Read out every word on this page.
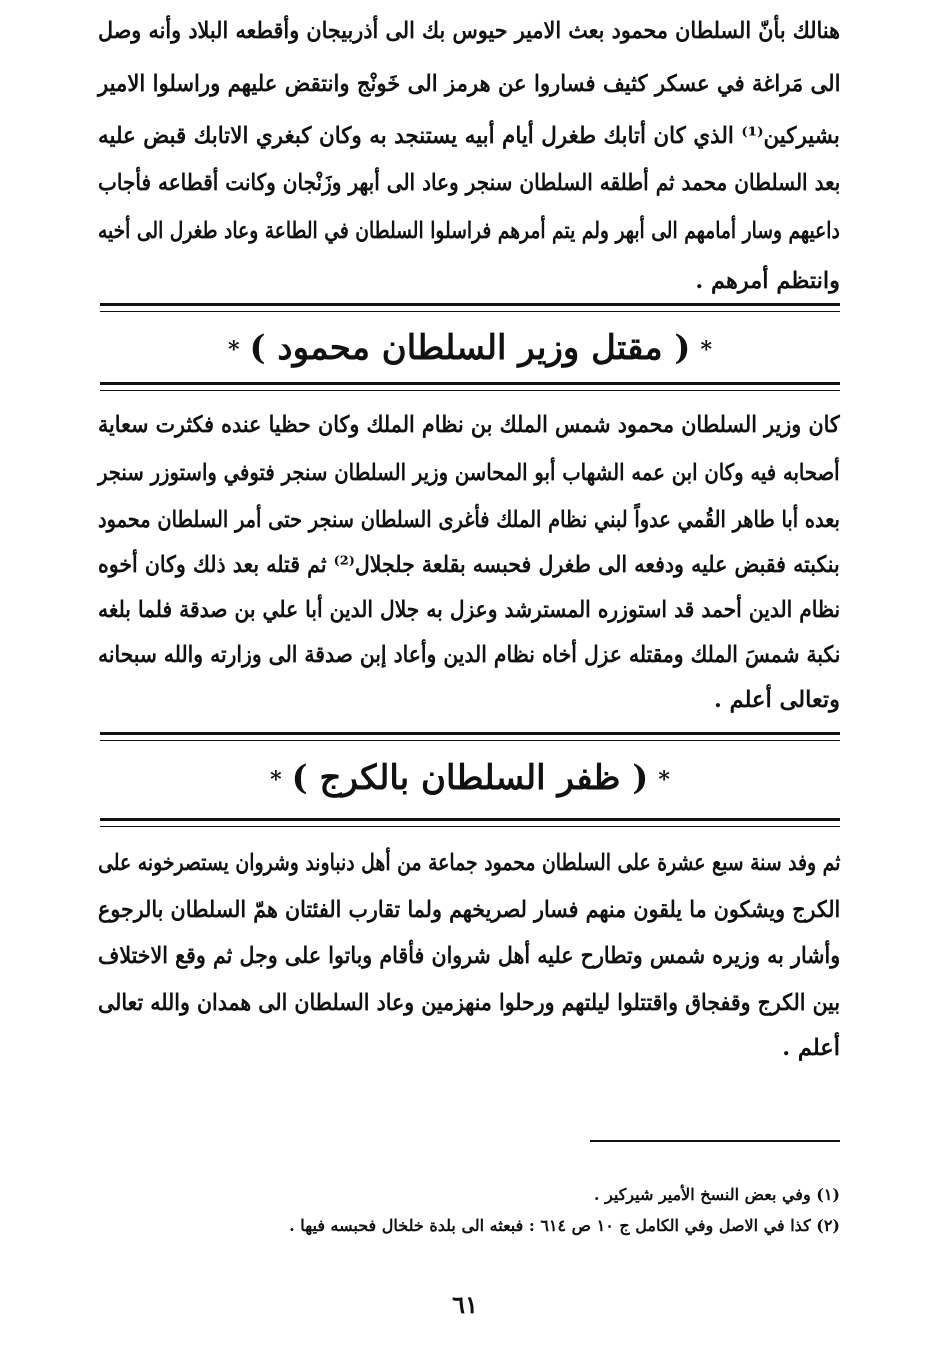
هنالك بأنّ السلطان محمود بعث الامير حيوس بك الى أذربيجان وأقطعه البلاد وأنه وصل
الى مَراغة في عسكر كثيف فساروا عن هرمز الى خَونْج وانتقض عليهم وراسلوا الامير
بشيركين⁽¹⁾ الذي كان أتابك طغرل أيام أبيه يستنجد به وكان كبغري الاتابك قبض عليه
بعد السلطان محمد ثم أطلقه السلطان سنجر وعاد الى أبهر وزَنْجان وكانت أقطاعه فأجاب
داعيهم وسار أمامهم الى أبهر ولم يتم أمرهم فراسلوا السلطان في الطاعة وعاد طغرل الى أخيه
وانتظم أمرهم .
*( مقتل وزير السلطان محمود )*
كان وزير السلطان محمود شمس الملك بن نظام الملك وكان حظيا عنده فكثرت سعاية
أصحابه فيه وكان ابن عمه الشهاب أبو المحاسن وزير السلطان سنجر فتوفي واستوزر سنجر
بعده أبا طاهر القُمي عدواً لبني نظام الملك فأغرى السلطان سنجر حتى أمر السلطان محمود
بنكبته فقبض عليه ودفعه الى طغرل فحبسه بقلعة جلجلال⁽²⁾ ثم قتله بعد ذلك وكان أخوه
نظام الدين أحمد قد استوزره المسترشد وعزل به جلال الدين أبا علي بن صدقة فلما بلغه
نكبة شمسَ الملك ومقتله عزل أخاه نظام الدين وأعاد إبن صدقة الى وزارته والله سبحانه
وتعالى أعلم .
*( ظفر السلطان بالكرج )*
ثم وفد سنة سبع عشرة على السلطان محمود جماعة من أهل دنباوند وشروان يستصرخونه على
الكرج ويشكون ما يلقون منهم فسار لصريخهم ولما تقارب الفئتان همّ السلطان بالرجوع
وأشار به وزيره شمس وتطارح عليه أهل شروان فأقام وباتوا على وجل ثم وقع الاختلاف
بين الكرج وقفجاق واقتتلوا ليلتهم ورحلوا منهزمين وعاد السلطان الى همدان والله تعالى
أعلم .
(١) وفي بعض النسخ الأمير شيركير .
(٢) كذا في الاصل وفي الكامل ج ١٠ ص ٦١٤ : فبعثه الى بلدة خلخال فحبسه فيها .
٦١
